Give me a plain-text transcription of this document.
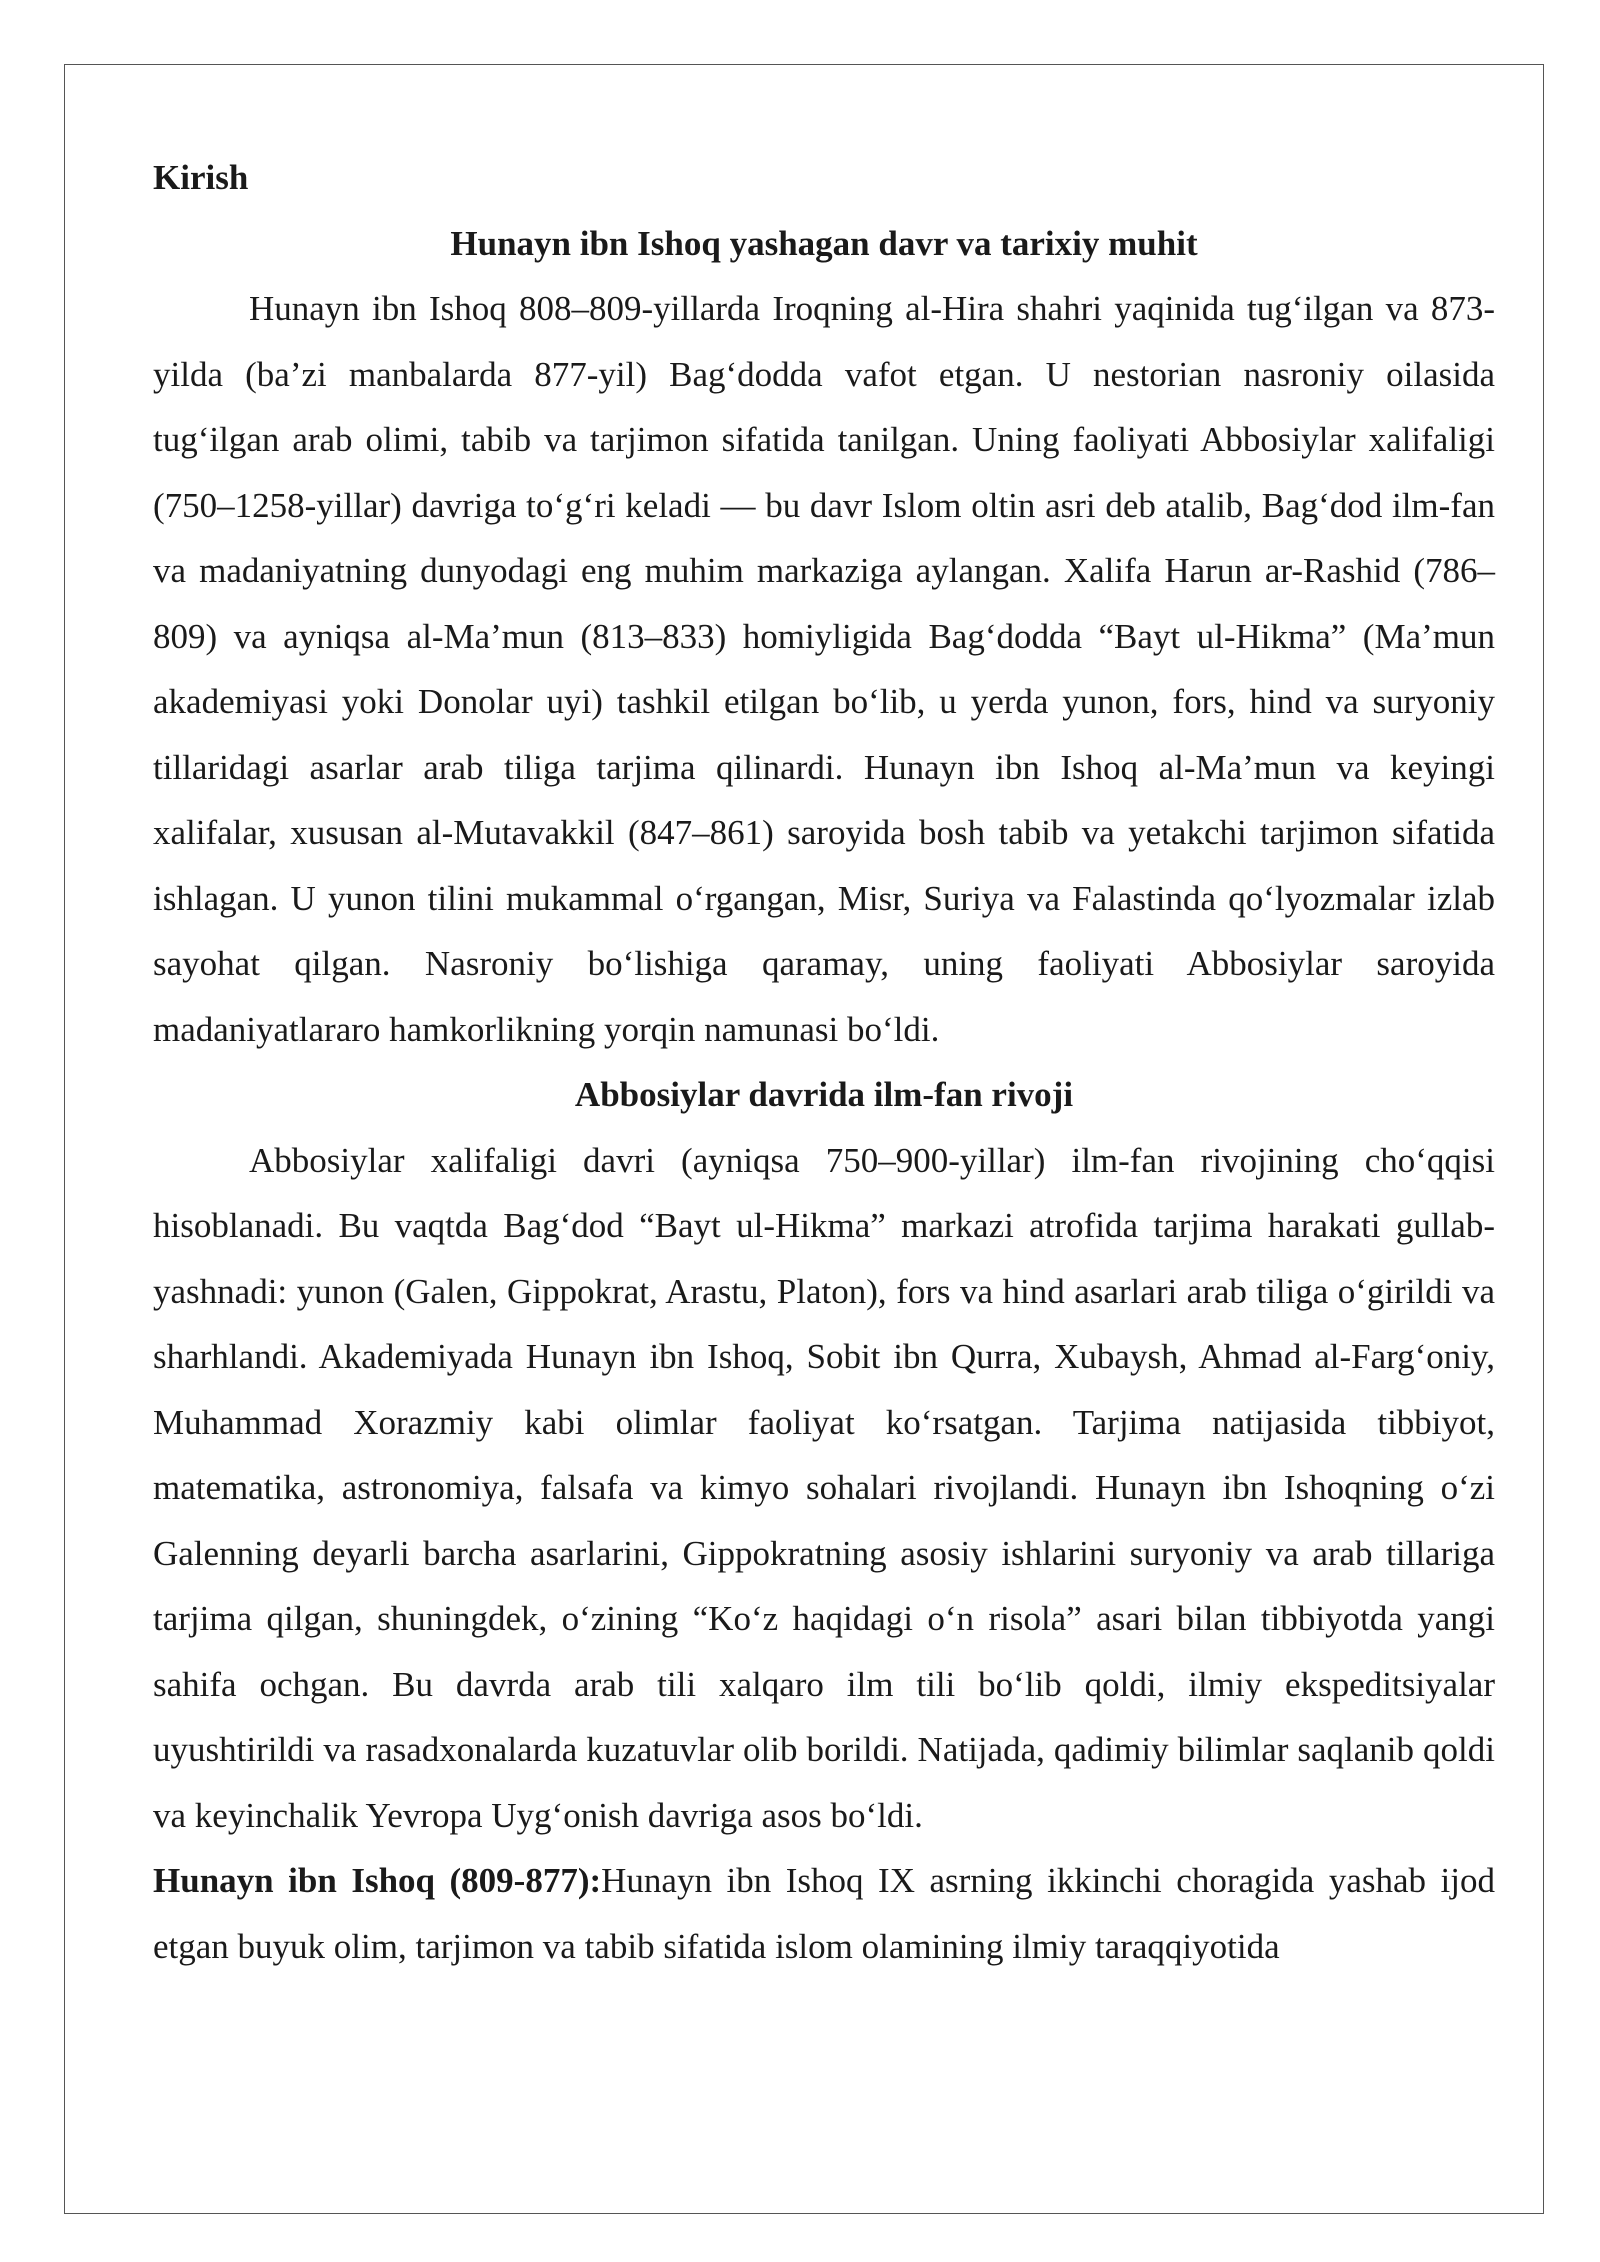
Kirish

Hunayn ibn Ishoq yashagan davr va tarixiy muhit

Hunayn ibn Ishoq 808–809-yillarda Iroqning al-Hira shahri yaqinida tug‘ilgan va 873-yilda (ba’zi manbalarda 877-yil) Bag‘dodda vafot etgan. U nestorian nasroniy oilasida tug‘ilgan arab olimi, tabib va tarjimon sifatida tanilgan. Uning faoliyati Abbosiylar xalifaligi (750–1258-yillar) davriga to‘g‘ri keladi — bu davr Islom oltin asri deb atalib, Bag‘dod ilm-fan va madaniyatning dunyodagi eng muhim markaziga aylangan. Xalifa Harun ar-Rashid (786–809) va ayniqsa al-Ma’mun (813–833) homiyligida Bag‘dodda “Bayt ul-Hikma” (Ma’mun akademiyasi yoki Donolar uyi) tashkil etilgan bo‘lib, u yerda yunon, fors, hind va suryoniy tillaridagi asarlar arab tiliga tarjima qilinardi. Hunayn ibn Ishoq al-Ma’mun va keyingi xalifalar, xususan al-Mutavakkil (847–861) saroyida bosh tabib va yetakchi tarjimon sifatida ishlagan. U yunon tilini mukammal o‘rgangan, Misr, Suriya va Falastinda qo‘lyozmalar izlab sayohat qilgan. Nasroniy bo‘lishiga qaramay, uning faoliyati Abbosiylar saroyida madaniyatlararo hamkorlikning yorqin namunasi bo‘ldi.

Abbosiylar davrida ilm-fan rivoji

Abbosiylar xalifaligi davri (ayniqsa 750–900-yillar) ilm-fan rivojining cho‘qqisi hisoblanadi. Bu vaqtda Bag‘dod “Bayt ul-Hikma” markazi atrofida tarjima harakati gullab-yashnadi: yunon (Galen, Gippokrat, Arastu, Platon), fors va hind asarlari arab tiliga o‘girildi va sharhlandi. Akademiyada Hunayn ibn Ishoq, Sobit ibn Qurra, Xubaysh, Ahmad al-Farg‘oniy, Muhammad Xorazmiy kabi olimlar faoliyat ko‘rsatgan. Tarjima natijasida tibbiyot, matematika, astronomiya, falsafa va kimyo sohalari rivojlandi. Hunayn ibn Ishoqning o‘zi Galenning deyarli barcha asarlarini, Gippokratning asosiy ishlarini suryoniy va arab tillariga tarjima qilgan, shuningdek, o‘zining “Ko‘z haqidagi o‘n risola” asari bilan tibbiyotda yangi sahifa ochgan. Bu davrda arab tili xalqaro ilm tili bo‘lib qoldi, ilmiy ekspeditsiyalar uyushtirildi va rasadxonalarda kuzatuvlar olib borildi. Natijada, qadimiy bilimlar saqlanib qoldi va keyinchalik Yevropa Uyg‘onish davriga asos bo‘ldi.

Hunayn ibn Ishoq (809-877):Hunayn ibn Ishoq IX asrning ikkinchi choragida yashab ijod etgan buyuk olim, tarjimon va tabib sifatida islom olamining ilmiy taraqqiyotida
